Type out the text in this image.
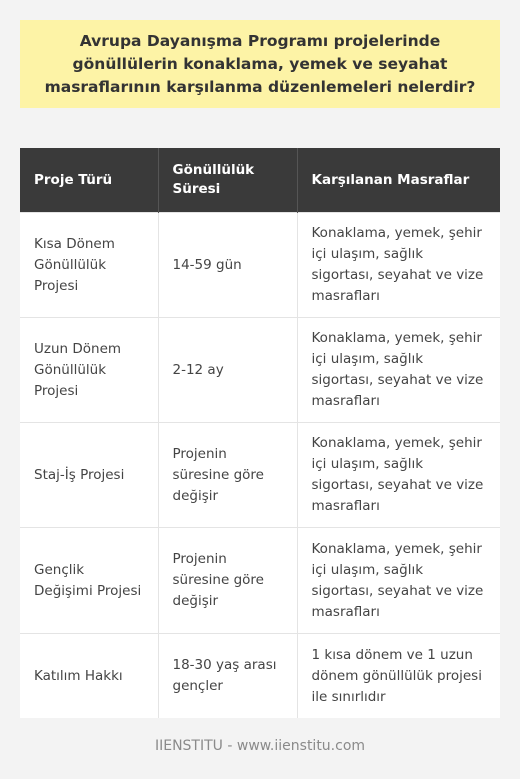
Avrupa Dayanışma Programı projelerinde gönüllülerin konaklama, yemek ve seyahat masraflarının karşılanma düzenlemeleri nelerdir?
Proje Türü	Gönüllülük Süresi	Karşılanan Masraflar
Kısa Dönem Gönüllülük Projesi	14-59 gün	Konaklama, yemek, şehir içi ulaşım, sağlık sigortası, seyahat ve vize masrafları
Uzun Dönem Gönüllülük Projesi	2-12 ay	Konaklama, yemek, şehir içi ulaşım, sağlık sigortası, seyahat ve vize masrafları
Staj-İş Projesi	Projenin süresine göre değişir	Konaklama, yemek, şehir içi ulaşım, sağlık sigortası, seyahat ve vize masrafları
Gençlik Değişimi Projesi	Projenin süresine göre değişir	Konaklama, yemek, şehir içi ulaşım, sağlık sigortası, seyahat ve vize masrafları
Katılım Hakkı	18-30 yaş arası gençler	1 kısa dönem ve 1 uzun dönem gönüllülük projesi ile sınırlıdır
IIENSTITU - www.iienstitu.com
